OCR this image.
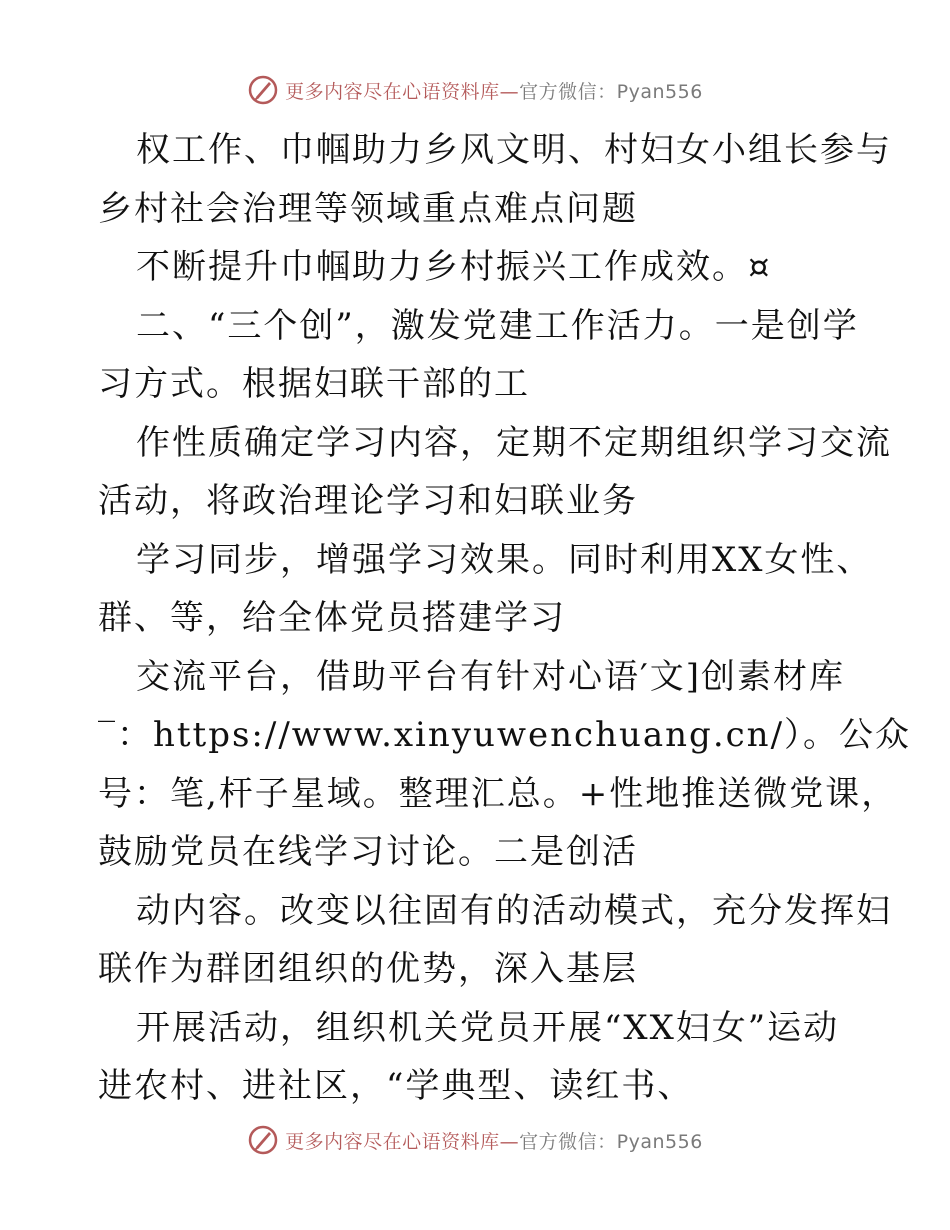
更多内容尽在心语资料库—官方微信：Pyan556
权工作、巾帼助力乡风文明、村妇女小组长参与
乡村社会治理等领域重点难点问题
不断提升巾帼助力乡村振兴工作成效。¤
二、“三个创”，激发党建工作活力。一是创学
习方式。根据妇联干部的工
作性质确定学习内容，定期不定期组织学习交流
活动，将政治理论学习和妇联业务
学习同步，增强学习效果。同时利用XX女性、
群、等，给全体党员搭建学习
交流平台，借助平台有针对心语′文]创素材库
‾：https://www.xinyuwenchuang.cn/）。公众
号：笔,杆子星域。整理汇总。+性地推送微党课，
鼓励党员在线学习讨论。二是创活
动内容。改变以往固有的活动模式，充分发挥妇
联作为群团组织的优势，深入基层
开展活动，组织机关党员开展“XX妇女”运动
进农村、进社区，“学典型、读红书、
更多内容尽在心语资料库—官方微信：Pyan556
